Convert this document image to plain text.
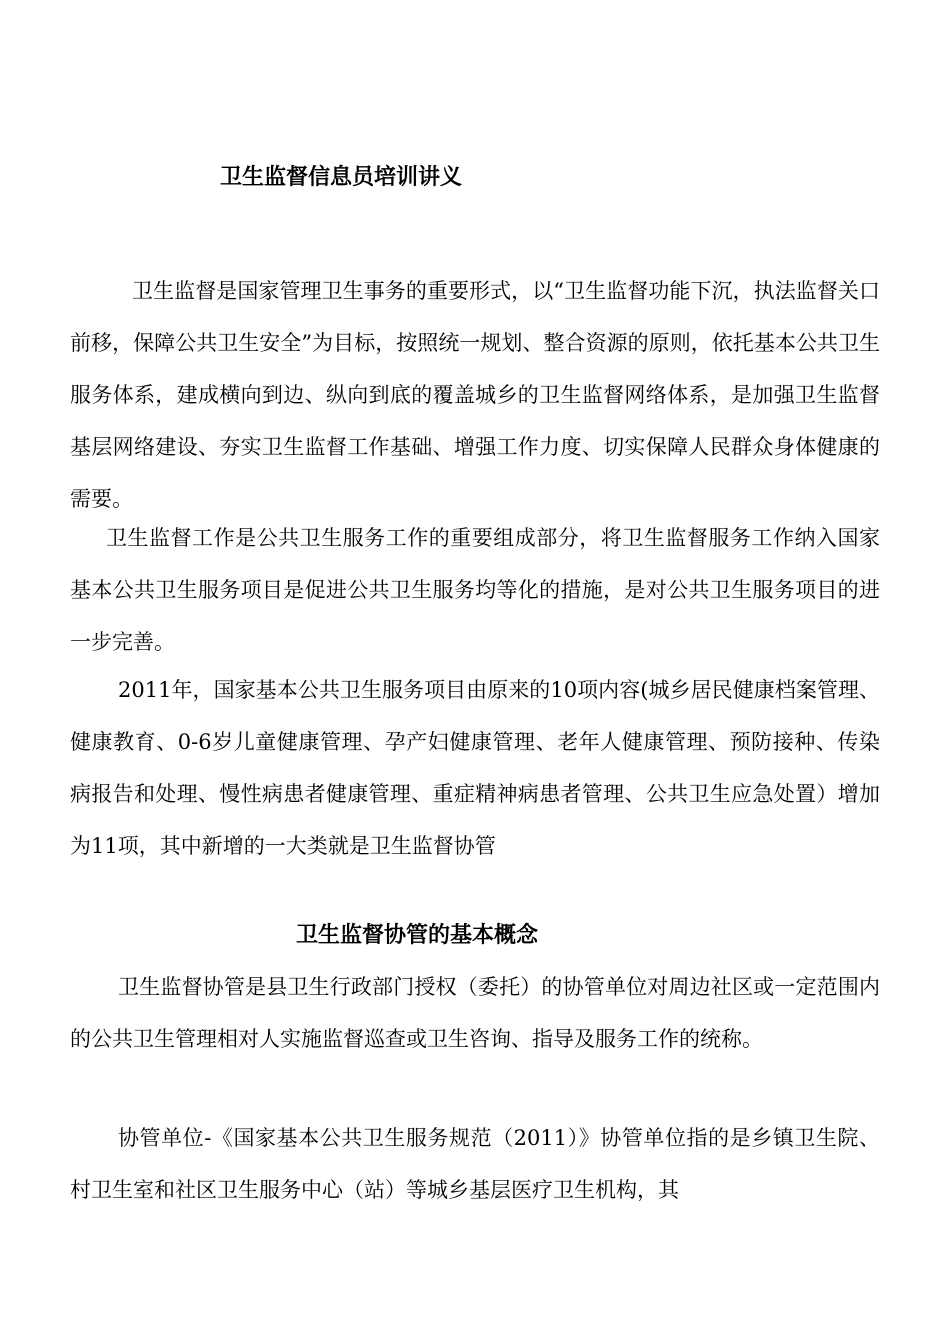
卫生监督信息员培训讲义

卫生监督是国家管理卫生事务的重要形式，以“卫生监督功能下沉，执法监督关口前移，保障公共卫生安全”为目标，按照统一规划、整合资源的原则，依托基本公共卫生服务体系，建成横向到边、纵向到底的覆盖城乡的卫生监督网络体系，是加强卫生监督基层网络建设、夯实卫生监督工作基础、增强工作力度、切实保障人民群众身体健康的需要。

卫生监督工作是公共卫生服务工作的重要组成部分，将卫生监督服务工作纳入国家基本公共卫生服务项目是促进公共卫生服务均等化的措施，是对公共卫生服务项目的进一步完善。

2011年，国家基本公共卫生服务项目由原来的10项内容(城乡居民健康档案管理、健康教育、0-6岁儿童健康管理、孕产妇健康管理、老年人健康管理、预防接种、传染病报告和处理、慢性病患者健康管理、重症精神病患者管理、公共卫生应急处置）增加为11项，其中新增的一大类就是卫生监督协管

卫生监督协管的基本概念

卫生监督协管是县卫生行政部门授权（委托）的协管单位对周边社区或一定范围内的公共卫生管理相对人实施监督巡查或卫生咨询、指导及服务工作的统称。

协管单位-《国家基本公共卫生服务规范（2011）》协管单位指的是乡镇卫生院、村卫生室和社区卫生服务中心（站）等城乡基层医疗卫生机构，其
